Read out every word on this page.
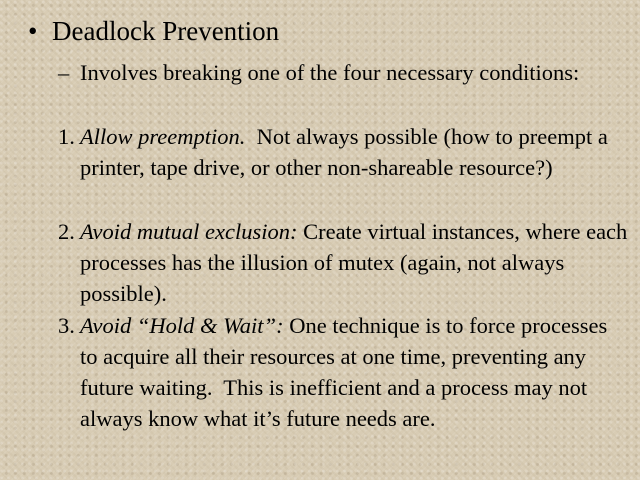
• Deadlock Prevention
– Involves breaking one of the four necessary conditions:
1. Allow preemption.  Not always possible (how to preempt a printer, tape drive, or other non-shareable resource?)
2. Avoid mutual exclusion: Create virtual instances, where each processes has the illusion of mutex (again, not always possible).
3. Avoid “Hold & Wait”: One technique is to force processes to acquire all their resources at one time, preventing any future waiting.  This is inefficient and a process may not always know what it’s future needs are.
